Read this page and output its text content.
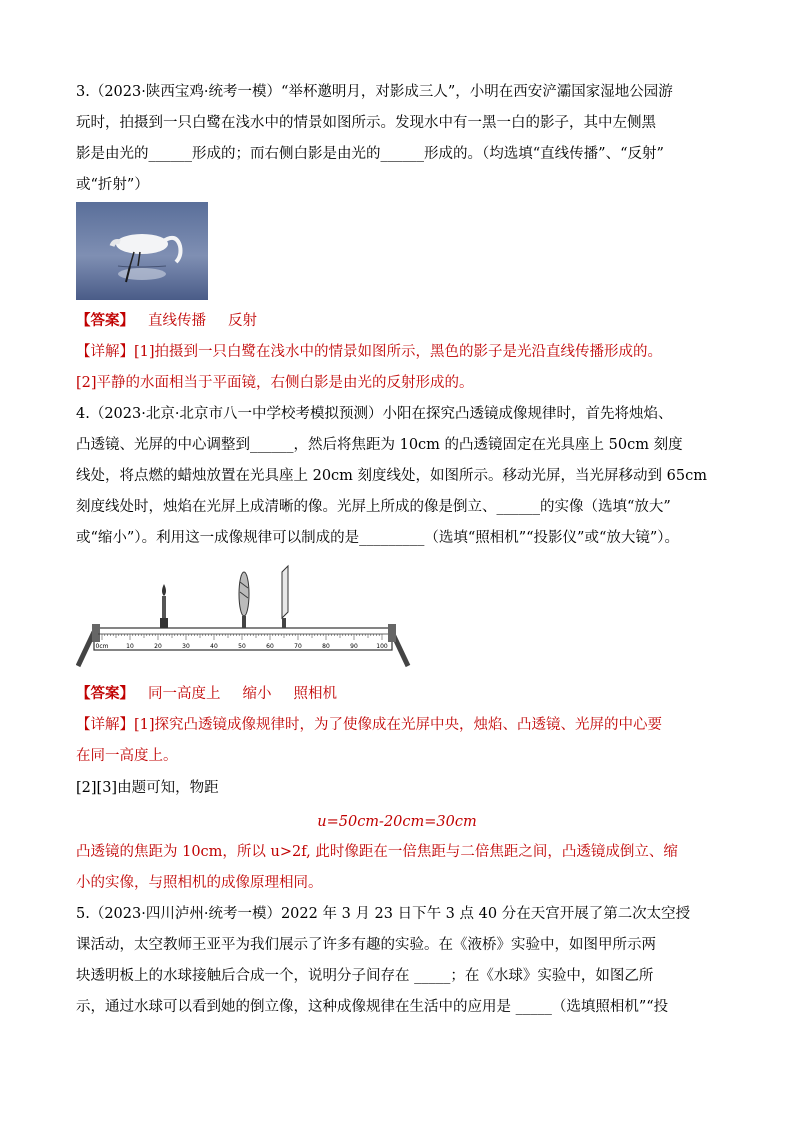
3.（2023·陕西宝鸡·统考一模）“举杯邀明月，对影成三人”，小明在西安浐灞国家湿地公园游
玩时，拍摄到一只白鹭在浅水中的情景如图所示。发现水中有一黑一白的影子，其中左侧黑
影是由光的______形成的；而右侧白影是由光的______形成的。（均选填“直线传播”、“反射”
或“折射”）
【答案】 直线传播 反射
【详解】[1]拍摄到一只白鹭在浅水中的情景如图所示，黑色的影子是光沿直线传播形成的。
[2]平静的水面相当于平面镜，右侧白影是由光的反射形成的。
4.（2023·北京·北京市八一中学校考模拟预测）小阳在探究凸透镜成像规律时，首先将烛焰、
凸透镜、光屏的中心调整到______，然后将焦距为 10cm 的凸透镜固定在光具座上 50cm 刻度
线处，将点燃的蜡烛放置在光具座上 20cm 刻度线处，如图所示。移动光屏，当光屏移动到 65cm
刻度线处时，烛焰在光屏上成清晰的像。光屏上所成的像是倒立、______的实像（选填“放大”
或“缩小”）。利用这一成像规律可以制成的是_________（选填“照相机”“投影仪”或“放大镜”）。
0cm	10	20	30	40	50	60	70	80	90	100
【答案】 同一高度上 缩小 照相机
【详解】[1]探究凸透镜成像规律时，为了使像成在光屏中央，烛焰、凸透镜、光屏的中心要
在同一高度上。
[2][3]由题可知，物距
u=50cm-20cm=30cm
凸透镜的焦距为 10cm，所以 u>2f, 此时像距在一倍焦距与二倍焦距之间，凸透镜成倒立、缩
小的实像，与照相机的成像原理相同。
5.（2023·四川泸州·统考一模）2022 年 3 月 23 日下午 3 点 40 分在天宫开展了第二次太空授
课活动，太空教师王亚平为我们展示了许多有趣的实验。在《液桥》实验中，如图甲所示两
块透明板上的水球接触后合成一个，说明分子间存在 _____；在《水球》实验中，如图乙所
示，通过水球可以看到她的倒立像，这种成像规律在生活中的应用是 _____（选填照相机”“投
